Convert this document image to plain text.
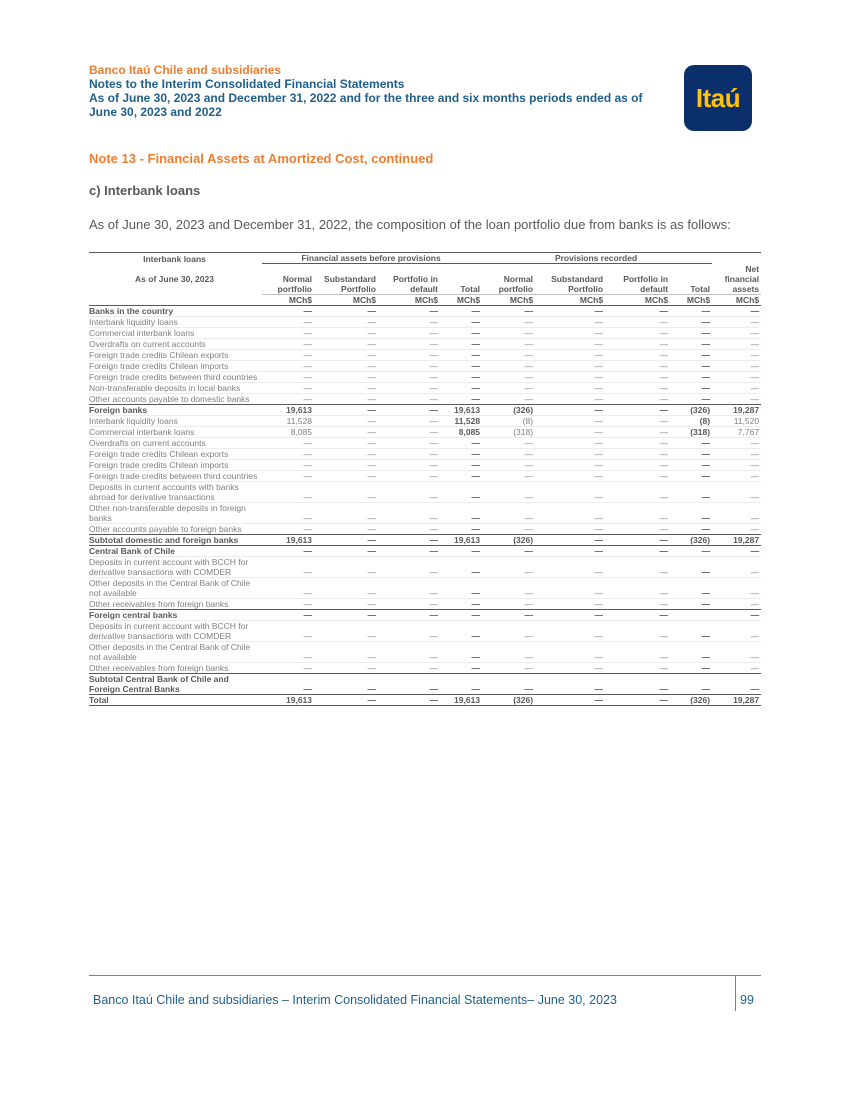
Banco Itaú Chile and subsidiaries
Notes to the Interim Consolidated Financial Statements
As of June 30, 2023 and December 31, 2022 and for the three and six months periods ended as of
June 30, 2023 and 2022	Itaú
Note 13 - Financial Assets at Amortized Cost, continued
c) Interbank loans
As of June 30, 2023 and December 31, 2022, the composition of the loan portfolio due from banks is as follows:
Interbank loans	Financial assets before provisions				Provisions recorded				
As of June 30, 2023	Normal portfolio	Substandard Portfolio	Portfolio in default	Total	Normal portfolio	Substandard Portfolio	Portfolio in default	Total	Net financial assets
	MCh$	MCh$	MCh$	MCh$	MCh$	MCh$	MCh$	MCh$	MCh$
Banks in the country	—	—	—	—	—	—	—	—	—
Interbank liquidity loans	—	—	—	—	—	—	—	—	—
Commercial interbank loans	—	—	—	—	—	—	—	—	—
Overdrafts on current accounts	—	—	—	—	—	—	—	—	—
Foreign trade credits Chilean exports	—	—	—	—	—	—	—	—	—
Foreign trade credits Chilean imports	—	—	—	—	—	—	—	—	—
Foreign trade credits between third countries	—	—	—	—	—	—	—	—	—
Non-transferable deposits in local banks	—	—	—	—	—	—	—	—	—
Other accounts payable to domestic banks	—	—	—	—	—	—	—	—	—
Foreign banks	19,613	—	—	19,613	(326)	—	—	(326)	19,287
Interbank liquidity loans	11,528	—	—	11,528	(8)	—	—	(8)	11,520
Commercial interbank loans	8,085	—	—	8,085	(318)	—	—	(318)	7,767
Overdrafts on current accounts	—	—	—	—	—	—	—	—	—
Foreign trade credits Chilean exports	—	—	—	—	—	—	—	—	—
Foreign trade credits Chilean imports	—	—	—	—	—	—	—	—	—
Foreign trade credits between third countries	—	—	—	—	—	—	—	—	—
Deposits in current accounts with banks abroad for derivative transactions	—	—	—	—	—	—	—	—	—
Other non-transferable deposits in foreign banks	—	—	—	—	—	—	—	—	—
Other accounts payable to foreign banks	—	—	—	—	—	—	—	—	—
Subtotal domestic and foreign banks	19,613	—	—	19,613	(326)	—	—	(326)	19,287
Central Bank of Chile	—	—	—	—	—	—	—	—	—
Deposits in current account with BCCH for derivative transactions with COMDER	—	—	—	—	—	—	—	—	—
Other deposits in the Central Bank of Chile not available	—	—	—	—	—	—	—	—	—
Other receivables from foreign banks	—	—	—	—	—	—	—	—	—
Foreign central banks	—	—	—	—	—	—	—		—
Deposits in current account with BCCH for derivative transactions with COMDER	—	—	—	—	—	—	—	—	—
Other deposits in the Central Bank of Chile not available	—	—	—	—	—	—	—	—	—
Other receivables from foreign banks	—	—	—	—	—	—	—	—	—
Subtotal Central Bank of Chile and Foreign Central Banks	—	—	—	—	—	—	—	—	—
Total	19,613	—	—	19,613	(326)	—	—	(326)	19,287
Banco Itaú Chile and subsidiaries – Interim Consolidated Financial Statements– June 30, 2023	99
